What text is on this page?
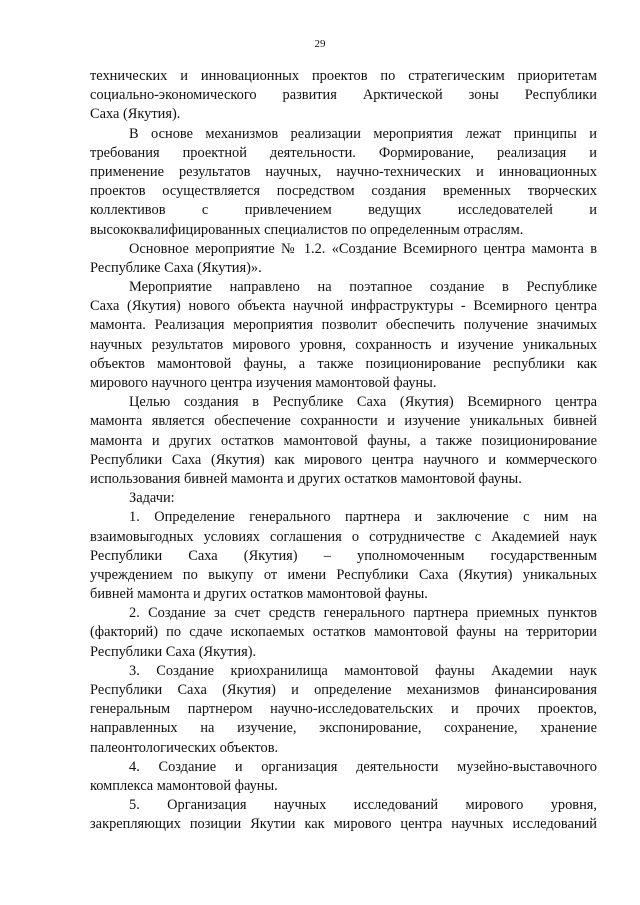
29
технических и инновационных проектов по стратегическим приоритетам
социально-экономического развития Арктической зоны Республики
Саха (Якутия).
В основе механизмов реализации мероприятия лежат принципы и
требования проектной деятельности. Формирование, реализация и
применение результатов научных, научно-технических и инновационных
проектов осуществляется посредством создания временных творческих
коллективов с привлечением ведущих исследователей и
высококвалифицированных специалистов по определенным отраслям.
Основное мероприятие № 1.2. «Создание Всемирного центра мамонта в
Республике Саха (Якутия)».
Мероприятие направлено на поэтапное создание в Республике
Саха (Якутия) нового объекта научной инфраструктуры - Всемирного центра
мамонта. Реализация мероприятия позволит обеспечить получение значимых
научных результатов мирового уровня, сохранность и изучение уникальных
объектов мамонтовой фауны, а также позиционирование республики как
мирового научного центра изучения мамонтовой фауны.
Целью создания в Республике Саха (Якутия) Всемирного центра
мамонта является обеспечение сохранности и изучение уникальных бивней
мамонта и других остатков мамонтовой фауны, а также позиционирование
Республики Саха (Якутия) как мирового центра научного и коммерческого
использования бивней мамонта и других остатков мамонтовой фауны.
Задачи:
1. Определение генерального партнера и заключение с ним на
взаимовыгодных условиях соглашения о сотрудничестве с Академией наук
Республики Саха (Якутия) – уполномоченным государственным
учреждением по выкупу от имени Республики Саха (Якутия) уникальных
бивней мамонта и других остатков мамонтовой фауны.
2. Создание за счет средств генерального партнера приемных пунктов
(факторий) по сдаче ископаемых остатков мамонтовой фауны на территории
Республики Саха (Якутия).
3. Создание криохранилища мамонтовой фауны Академии наук
Республики Саха (Якутия) и определение механизмов финансирования
генеральным партнером научно-исследовательских и прочих проектов,
направленных на изучение, экспонирование, сохранение, хранение
палеонтологических объектов.
4. Создание и организация деятельности музейно-выставочного
комплекса мамонтовой фауны.
5. Организация научных исследований мирового уровня,
закрепляющих позиции Якутии как мирового центра научных исследований
